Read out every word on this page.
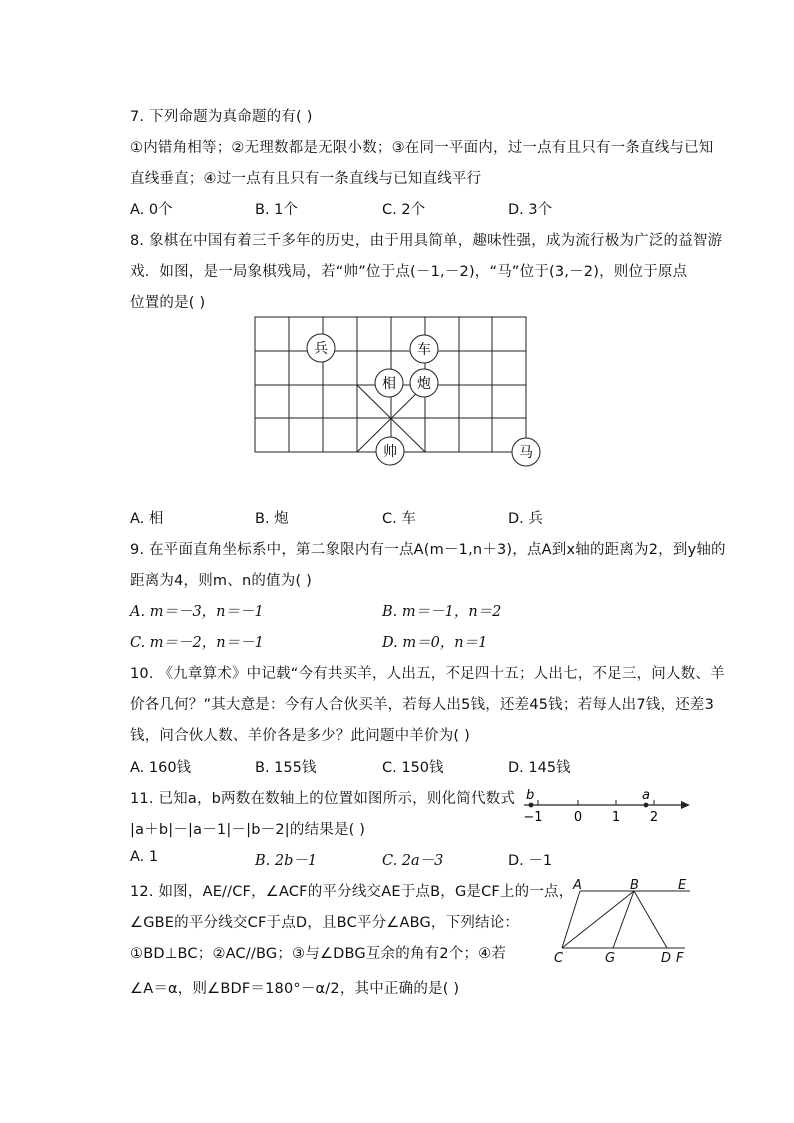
7. 下列命题为真命题的有( )
①内错角相等；②无理数都是无限小数；③在同一平面内，过一点有且只有一条直线与已知
直线垂直；④过一点有且只有一条直线与已知直线平行
A. 0个	B. 1个	C. 2个	D. 3个
8. 象棋在中国有着三千多年的历史，由于用具简单，趣味性强，成为流行极为广泛的益智游
戏．如图，是一局象棋残局，若“帅”位于点(－1,－2)，“马”位于(3,－2)，则位于原点
位置的是( )
兵	车
相 炮
帅	马
A. 相	B. 炮	C. 车	D. 兵
9. 在平面直角坐标系中，第二象限内有一点A(m－1,n＋3)，点A到x轴的距离为2，到y轴的
距离为4，则m、n的值为( )
A. m＝－3，n＝－1	B. m＝－1，n＝2
C. m＝－2，n＝－1	D. m＝0，n＝1
10. 《九章算术》中记载“今有共买羊，人出五，不足四十五；人出七，不足三，问人数、羊
价各几何？”其大意是：今有人合伙买羊，若每人出5钱，还差45钱；若每人出7钱，还差3
钱，问合伙人数、羊价各是多少？此问题中羊价为( )
A. 160钱	B. 155钱	C. 150钱	D. 145钱
11. 已知a，b两数在数轴上的位置如图所示，则化简代数式
|a＋b|－|a－1|－|b－2|的结果是( )
b	a
−1 0 1 2
A. 1	B. 2b－1	C. 2a－3	D. －1
12. 如图，AE//CF，∠ACF的平分线交AE于点B，G是CF上的一点，
∠GBE的平分线交CF于点D，且BC平分∠ABG，下列结论：
①BD⊥BC；②AC//BG；③与∠DBG互余的角有2个；④若
∠A＝α，则∠BDF＝180°－α/2，其中正确的是( )
A	B	E
C	G	D F
